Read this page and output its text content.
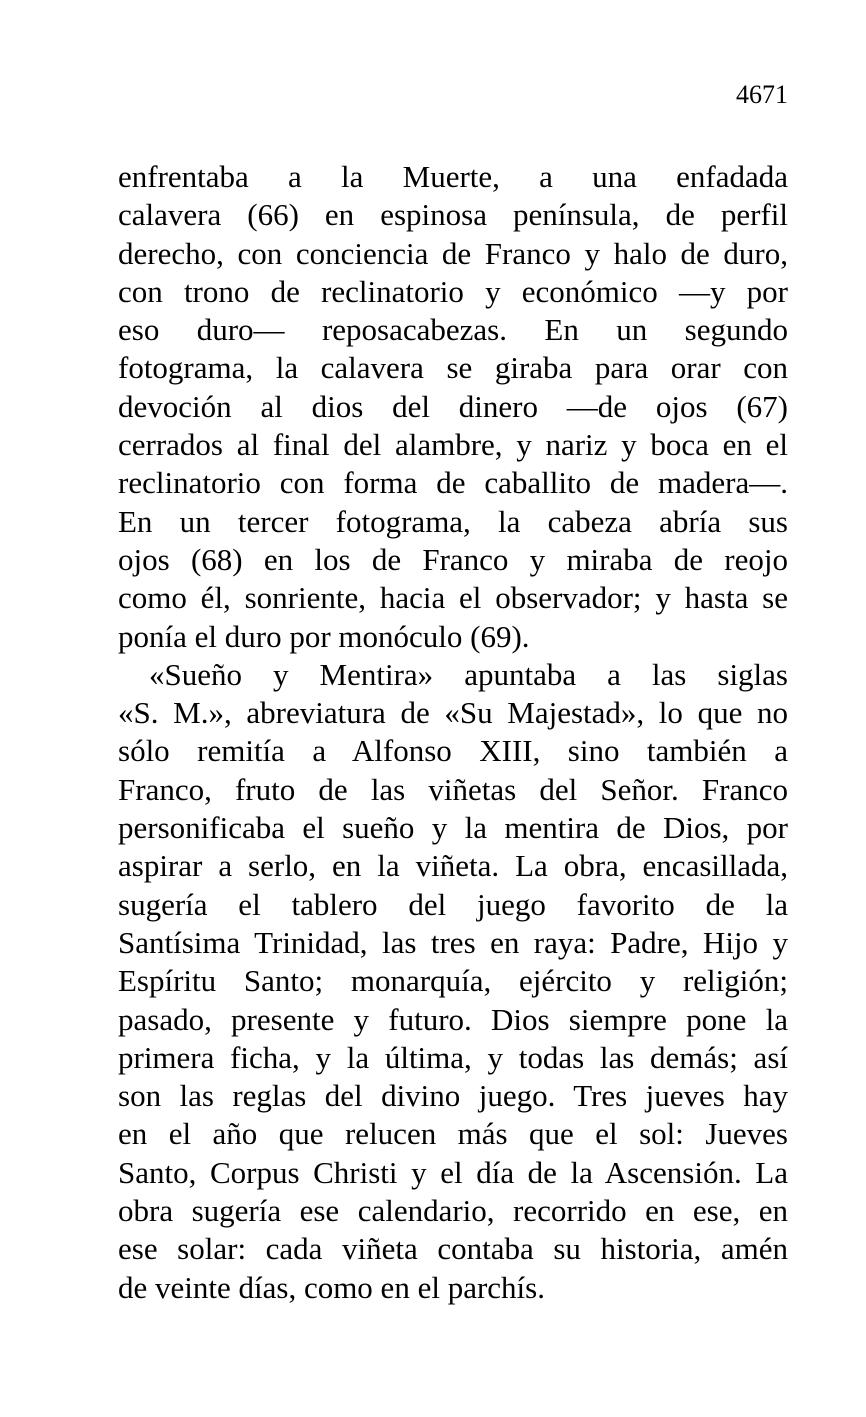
4671
enfrentaba a la Muerte, a una enfadada
calavera (66) en espinosa península, de perfil
derecho, con conciencia de Franco y halo de duro,
con trono de reclinatorio y económico —y por
eso duro— reposacabezas. En un segundo
fotograma, la calavera se giraba para orar con
devoción al dios del dinero —de ojos (67)
cerrados al final del alambre, y nariz y boca en el
reclinatorio con forma de caballito de madera—.
En un tercer fotograma, la cabeza abría sus
ojos (68) en los de Franco y miraba de reojo
como él, sonriente, hacia el observador; y hasta se
ponía el duro por monóculo (69).
«Sueño y Mentira» apuntaba a las siglas
«S. M.», abreviatura de «Su Majestad», lo que no
sólo remitía a Alfonso XIII, sino también a
Franco, fruto de las viñetas del Señor. Franco
personificaba el sueño y la mentira de Dios, por
aspirar a serlo, en la viñeta. La obra, encasillada,
sugería el tablero del juego favorito de la
Santísima Trinidad, las tres en raya: Padre, Hijo y
Espíritu Santo; monarquía, ejército y religión;
pasado, presente y futuro. Dios siempre pone la
primera ficha, y la última, y todas las demás; así
son las reglas del divino juego. Tres jueves hay
en el año que relucen más que el sol: Jueves
Santo, Corpus Christi y el día de la Ascensión. La
obra sugería ese calendario, recorrido en ese, en
ese solar: cada viñeta contaba su historia, amén
de veinte días, como en el parchís.
